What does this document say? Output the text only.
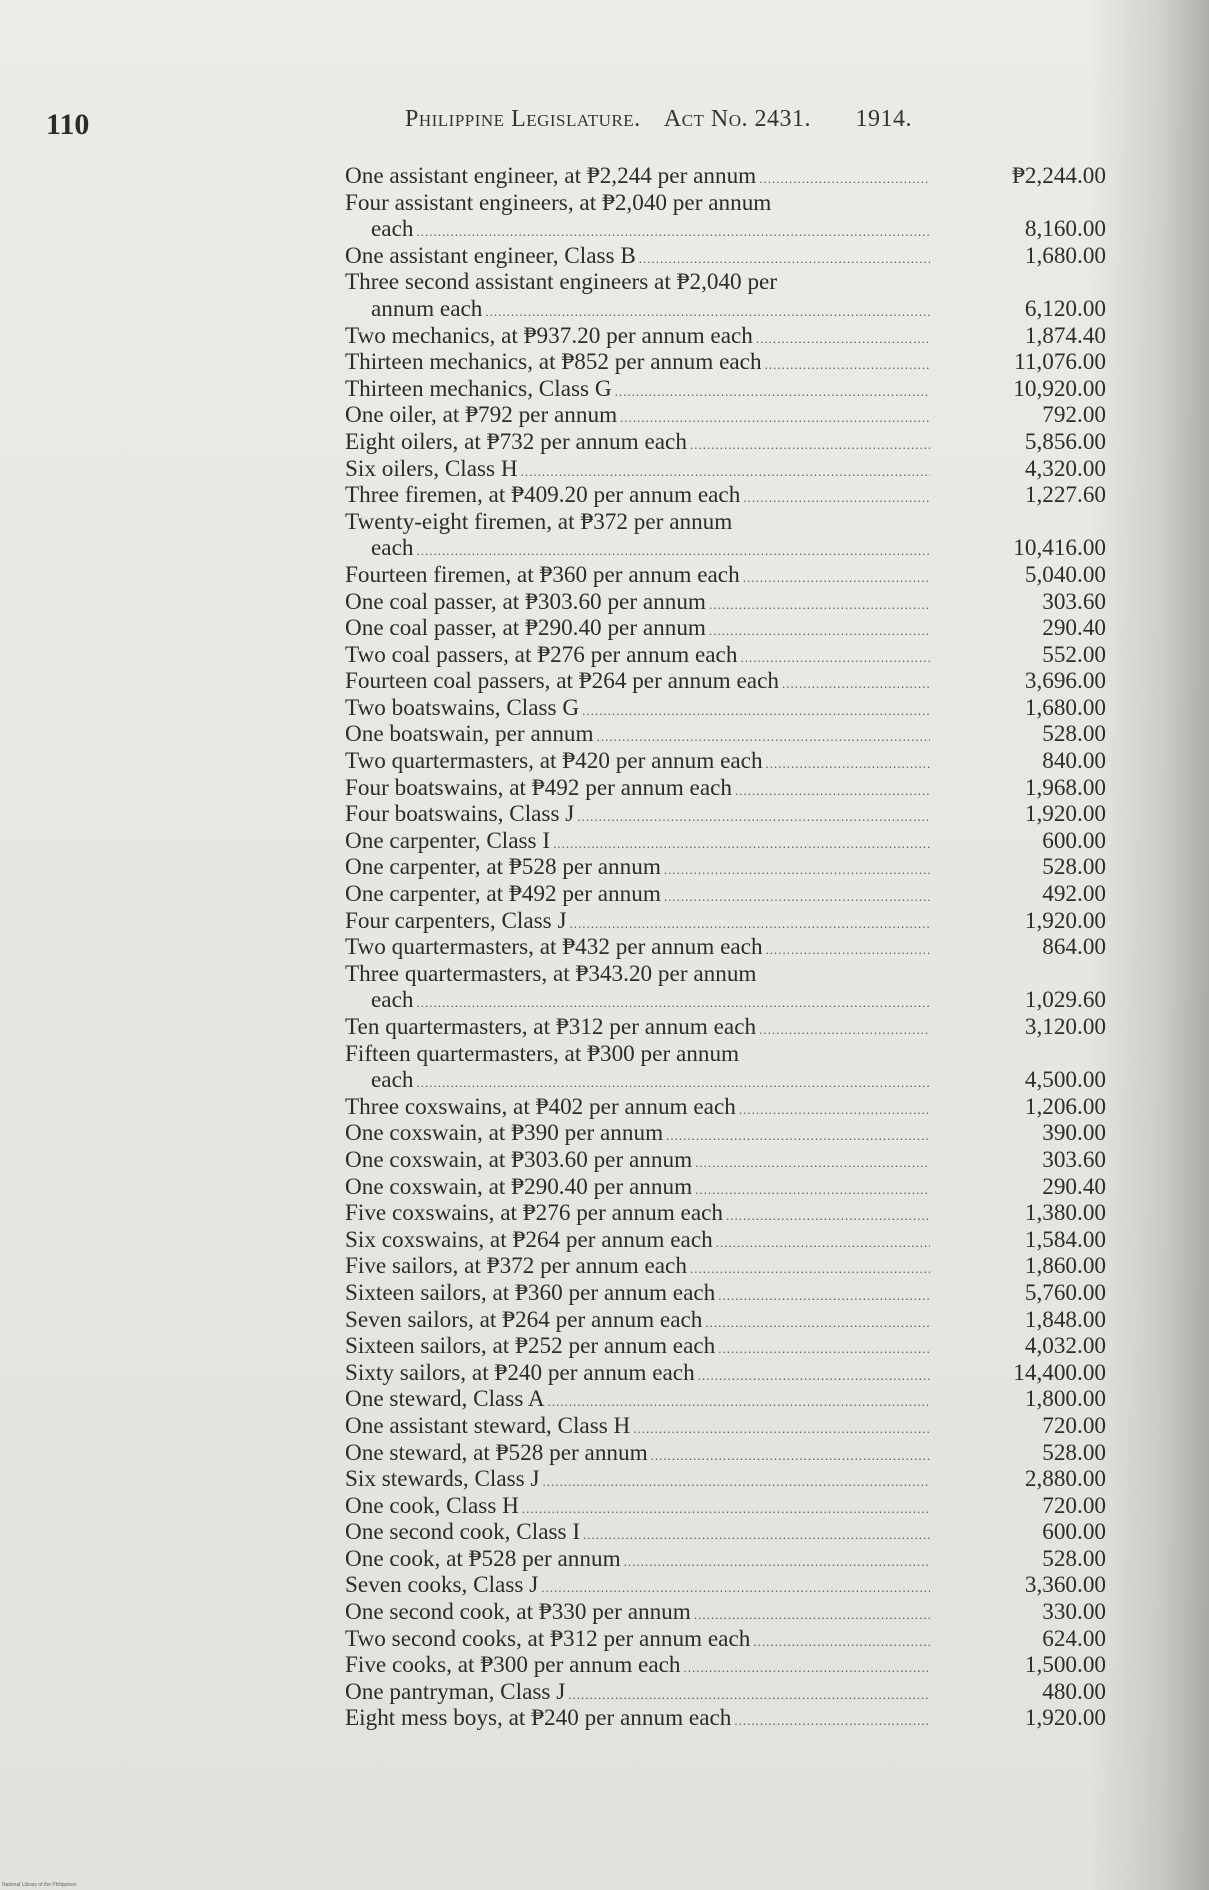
110	Philippine Legislature. Act No. 2431. 1914.
One assistant engineer, at ₱2,244 per annum .....	₱2,244.00
Four assistant engineers, at ₱2,040 per annum
each .....	8,160.00
One assistant engineer, Class B .....	1,680.00
Three second assistant engineers at ₱2,040 per
annum each .....	6,120.00
Two mechanics, at ₱937.20 per annum each .....	1,874.40
Thirteen mechanics, at ₱852 per annum each .....	11,076.00
Thirteen mechanics, Class G .....	10,920.00
One oiler, at ₱792 per annum .....	792.00
Eight oilers, at ₱732 per annum each .....	5,856.00
Six oilers, Class H .....	4,320.00
Three firemen, at ₱409.20 per annum each .....	1,227.60
Twenty-eight firemen, at ₱372 per annum
each .....	10,416.00
Fourteen firemen, at ₱360 per annum each .....	5,040.00
One coal passer, at ₱303.60 per annum .....	303.60
One coal passer, at ₱290.40 per annum .....	290.40
Two coal passers, at ₱276 per annum each .....	552.00
Fourteen coal passers, at ₱264 per annum each .....	3,696.00
Two boatswains, Class G .....	1,680.00
One boatswain, per annum .....	528.00
Two quartermasters, at ₱420 per annum each .....	840.00
Four boatswains, at ₱492 per annum each .....	1,968.00
Four boatswains, Class J .....	1,920.00
One carpenter, Class I .....	600.00
One carpenter, at ₱528 per annum .....	528.00
One carpenter, at ₱492 per annum .....	492.00
Four carpenters, Class J .....	1,920.00
Two quartermasters, at ₱432 per annum each .....	864.00
Three quartermasters, at ₱343.20 per annum
each .....	1,029.60
Ten quartermasters, at ₱312 per annum each .....	3,120.00
Fifteen quartermasters, at ₱300 per annum
each .....	4,500.00
Three coxswains, at ₱402 per annum each .....	1,206.00
One coxswain, at ₱390 per annum .....	390.00
One coxswain, at ₱303.60 per annum .....	303.60
One coxswain, at ₱290.40 per annum .....	290.40
Five coxswains, at ₱276 per annum each .....	1,380.00
Six coxswains, at ₱264 per annum each .....	1,584.00
Five sailors, at ₱372 per annum each .....	1,860.00
Sixteen sailors, at ₱360 per annum each .....	5,760.00
Seven sailors, at ₱264 per annum each .....	1,848.00
Sixteen sailors, at ₱252 per annum each .....	4,032.00
Sixty sailors, at ₱240 per annum each .....	14,400.00
One steward, Class A .....	1,800.00
One assistant steward, Class H .....	720.00
One steward, at ₱528 per annum .....	528.00
Six stewards, Class J .....	2,880.00
One cook, Class H .....	720.00
One second cook, Class I .....	600.00
One cook, at ₱528 per annum .....	528.00
Seven cooks, Class J .....	3,360.00
One second cook, at ₱330 per annum .....	330.00
Two second cooks, at ₱312 per annum each .....	624.00
Five cooks, at ₱300 per annum each .....	1,500.00
One pantryman, Class J .....	480.00
Eight mess boys, at ₱240 per annum each .....	1,920.00
National Library of the Philippines
